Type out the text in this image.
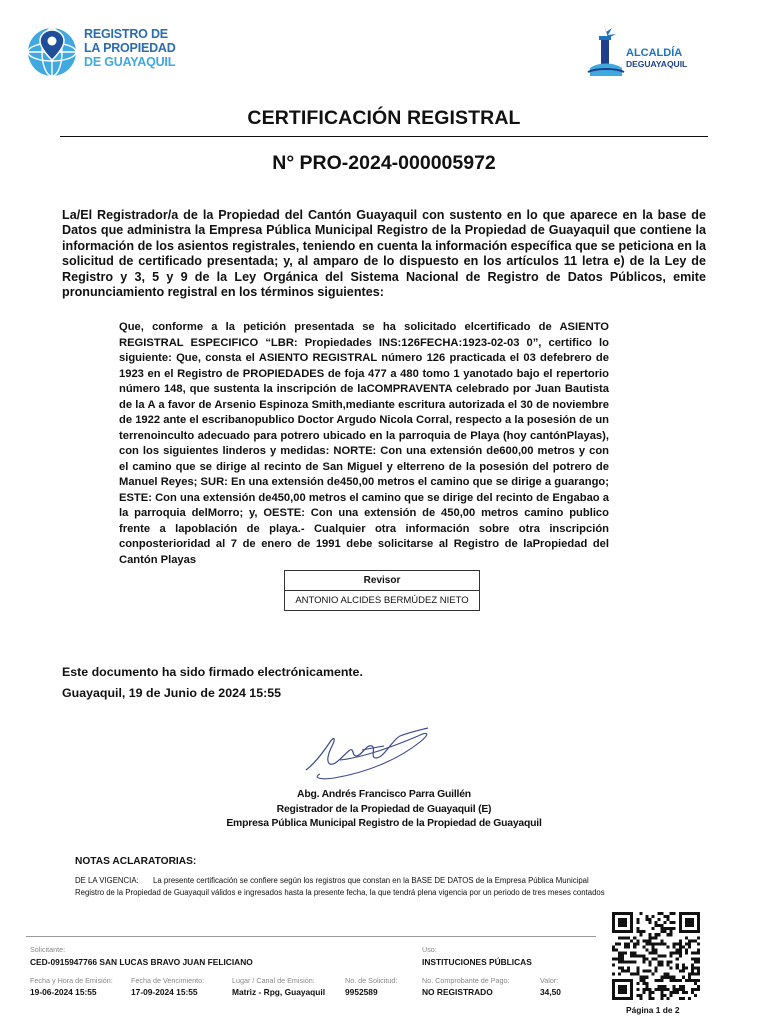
REGISTRO DE
LA PROPIEDAD
DE GUAYAQUIL
ALCALDÍA
DEGUAYAQUIL
CERTIFICACIÓN REGISTRAL
N° PRO-2024-000005972
La/El Registrador/a de la Propiedad del Cantón Guayaquil con sustento en lo que aparece en la base de Datos que administra la Empresa Pública Municipal Registro de la Propiedad de Guayaquil que contiene la información de los asientos registrales, teniendo en cuenta la información específica que se peticiona en la solicitud de certificado presentada; y, al amparo de lo dispuesto en los artículos 11 letra e) de la Ley de Registro y 3, 5 y 9 de la Ley Orgánica del Sistema Nacional de Registro de Datos Públicos, emite pronunciamiento registral en los términos siguientes:
Que, conforme a la petición presentada se ha solicitado elcertificado de ASIENTO REGISTRAL ESPECIFICO “LBR: Propiedades INS:126FECHA:1923-02-03 0”, certifico lo siguiente: Que, consta el ASIENTO REGISTRAL número 126 practicada el 03 defebrero de 1923 en el Registro de PROPIEDADES de foja 477 a 480 tomo 1 yanotado bajo el repertorio número 148, que sustenta la inscripción de laCOMPRAVENTA celebrado por Juan Bautista de la A a favor de Arsenio Espinoza Smith,mediante escritura autorizada el 30 de noviembre de 1922 ante el escribanopublico Doctor Argudo Nicola Corral, respecto a la posesión de un terrenoinculto adecuado para potrero ubicado en la parroquia de Playa (hoy cantónPlayas), con los siguientes linderos y medidas: NORTE: Con una extensión de600,00 metros y con el camino que se dirige al recinto de San Miguel y elterreno de la posesión del potrero de Manuel Reyes; SUR: En una extensión de450,00 metros el camino que se dirige a guarango; ESTE: Con una extensión de450,00 metros el camino que se dirige del recinto de Engabao a la parroquia delMorro; y, OESTE: Con una extensión de 450,00 metros camino publico frente a lapoblación de playa.- Cualquier otra información sobre otra inscripción conposterioridad al 7 de enero de 1991 debe solicitarse al Registro de laPropiedad del Cantón Playas
Revisor
ANTONIO ALCIDES BERMÚDEZ NIETO
Este documento ha sido firmado electrónicamente.
Guayaquil, 19 de Junio de 2024 15:55
Abg. Andrés Francisco Parra Guillén
Registrador de la Propiedad de Guayaquil (E)
Empresa Pública Municipal Registro de la Propiedad de Guayaquil
NOTAS ACLARATORIAS:
DE LA VIGENCIA: La presente certificación se confiere según los registros que constan en la BASE DE DATOS de la Empresa Pública Municipal
Registro de la Propiedad de Guayaquil válidos e ingresados hasta la presente fecha, la que tendrá plena vigencia por un periodo de tres meses contados
Solicitante:
CED-0915947766 SAN LUCAS BRAVO JUAN FELICIANO
Uso:
INSTITUCIONES PÚBLICAS
Fecha y Hora de Emisión:
19-06-2024 15:55
Fecha de Vencimiento:
17-09-2024 15:55
Lugar / Canal de Emisión:
Matriz - Rpg, Guayaquil
No. de Solicitud:
9952589
No. Comprobante de Pago:
NO REGISTRADO
Valor:
34,50
Página 1 de 2
